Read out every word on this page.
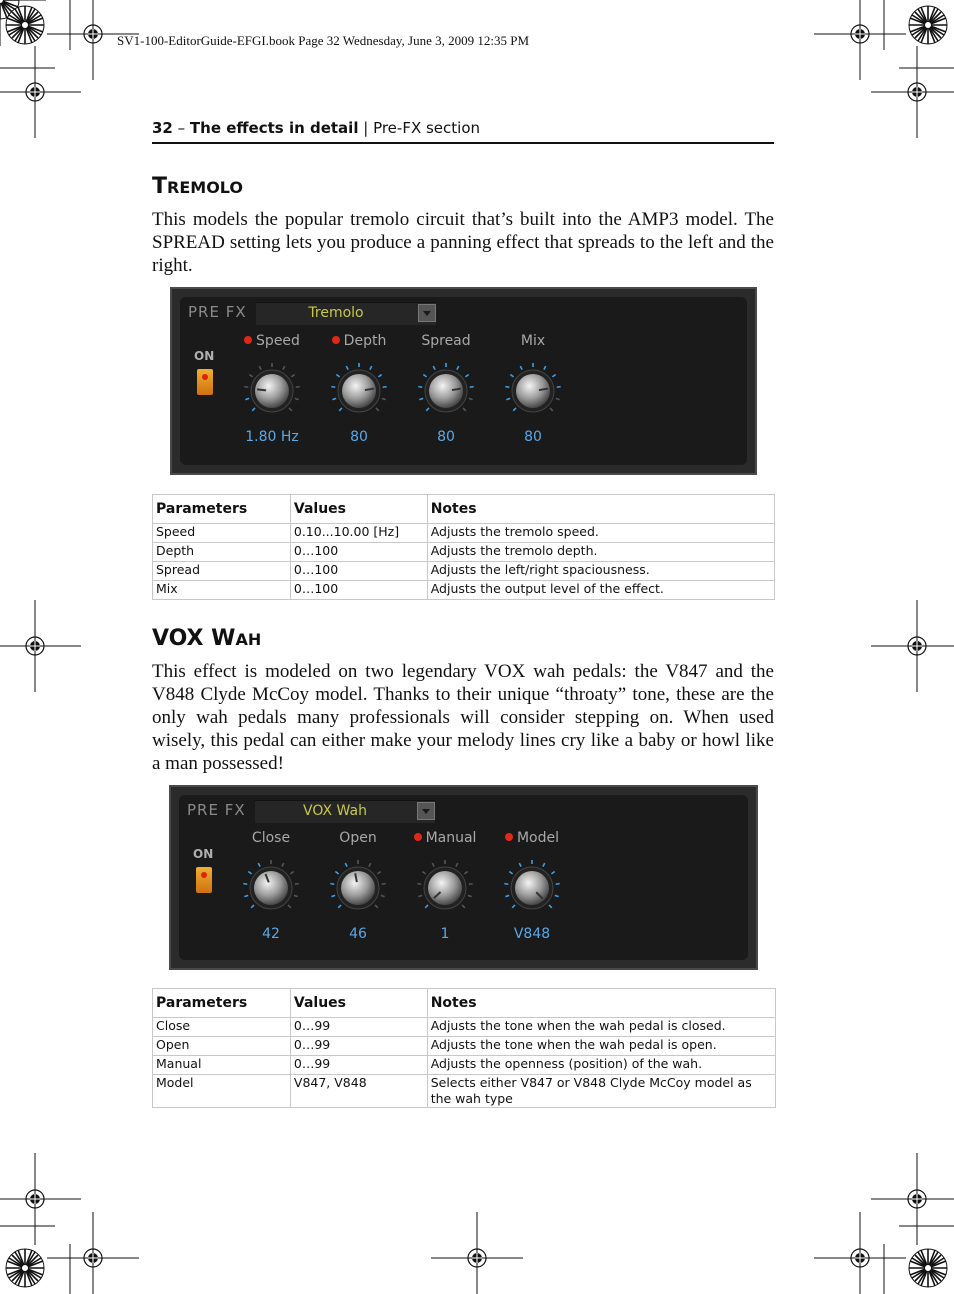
SV1-100-EditorGuide-EFGI.book Page 32 Wednesday, June 3, 2009 12:35 PM
32 – The effects in detail | Pre-FX section
TREMOLO
This models the popular tremolo circuit that’s built into the AMP3 model. The SPREAD setting lets you produce a panning effect that spreads to the left and the right.
PRE FX	Tremolo
ON
Speed
1.80 Hz
Depth
80
Spread
80
Mix
80
Parameters	Values	Notes
Speed	0.10...10.00 [Hz]	Adjusts the tremolo speed.
Depth	0…100	Adjusts the tremolo depth.
Spread	0…100	Adjusts the left/right spaciousness.
Mix	0…100	Adjusts the output level of the effect.
VOX WAH
This effect is modeled on two legendary VOX wah pedals: the V847 and the V848 Clyde McCoy model. Thanks to their unique “throaty” tone, these are the only wah pedals many professionals will consider stepping on. When used wisely, this pedal can either make your melody lines cry like a baby or howl like a man possessed!
PRE FX	VOX Wah
ON
Close
42
Open
46
Manual
1
Model
V848
Parameters	Values	Notes
Close	0…99	Adjusts the tone when the wah pedal is closed.
Open	0…99	Adjusts the tone when the wah pedal is open.
Manual	0…99	Adjusts the openness (position) of the wah.
Model	V847, V848	Selects either V847 or V848 Clyde McCoy model as the wah type
